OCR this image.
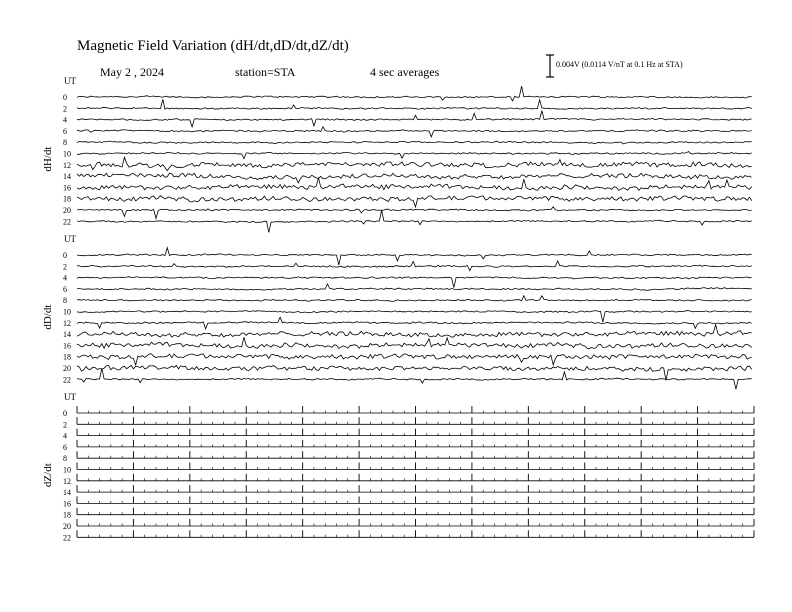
Magnetic Field Variation (dH/dt,dD/dt,dZ/dt)
May 2 , 2024	station=STA	4 sec averages
0.004V (0.0114 V/nT at 0.1 Hz at STA)
UT
dH/dt
0
2
4
6
8
10
12
14
16
18
20
22
UT
dD/dt
0
2
4
6
8
10
12
14
16
18
20
22
UT
dZ/dt
0
2
4
6
8
10
12
14
16
18
20
22
